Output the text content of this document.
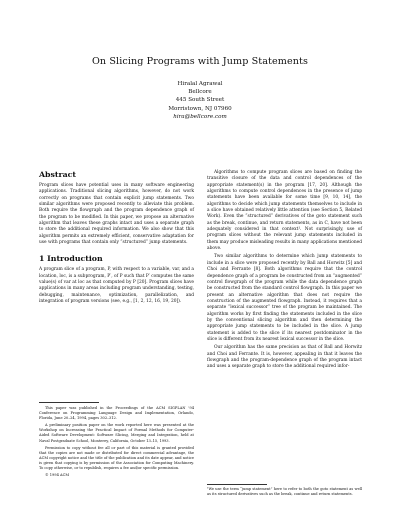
On Slicing Programs with Jump Statements
Hiralal Agrawal
Bellcore
445 South Street
Morristown, NJ 07960
hira@bellcore.com
Abstract

Program slices have potential uses in many software engineering applications. Traditional slicing algorithms, however, do not work correctly on programs that contain explicit jump statements. Two similar algorithms were proposed recently to alleviate this problem. Both require the flowgraph and the program dependence graph of the program to be modified. In this paper, we propose an alternative algorithm that leaves these graphs intact and uses a separate graph to store the additional required information. We also show that this algorithm permits an extremely efficient, conservative adaptation for use with programs that contain only “structured” jump statements.

1 Introduction

A program slice of a program, P, with respect to a variable, var, and a location, loc, is a subprogram, P′, of P such that P′ computes the same value(s) of var at loc as that computed by P [20]. Program slices have applications in many areas including program understanding, testing, debugging, maintenance, optimization, parallelization, and integration of program versions (see, e.g., [1, 2, 12, 16, 19, 20]).

This paper was published in the Proceedings of the ACM SIGPLAN '94 Conference on Programming Language Design and Implementation, Orlando, Florida, June 20–24, 1994, pages 302–312.

A preliminary position paper on the work reported here was presented at the Workshop on Increasing the Practical Impact of Formal Methods for Computer-Aided Software Development: Software Slicing, Merging and Integration, held at Naval Postgraduate School, Monterey, California, October 13–15, 1993.

Permission to copy without fee all or part of this material is granted provided that the copies are not made or distributed for direct commercial advantage, the ACM copyright notice and the title of the publication and its date appear, and notice is given that copying is by permission of the Association for Computing Machinery. To copy otherwise, or to republish, requires a fee and/or specific permission.

© 1994 ACM

Algorithms to compute program slices are based on finding the transitive closure of the data and control dependences of the appropriate statement(s) in the program [17, 20]. Although the algorithms to compute control dependences in the presence of jump statements have been available for some time [9, 10, 14], the algorithms to decide which jump statements themselves to include in a slice have obtained relatively little attention (see Section 5, Related Work). Even the “structured” derivatives of the goto statement such as the break, continue, and return statements, as in C, have not been adequately considered in that context¹. Not surprisingly, use of program slices without the relevant jump statements included in them may produce misleading results in many applications mentioned above.

Two similar algorithms to determine which jump statements to include in a slice were proposed recently by Ball and Horwitz [5] and Choi and Ferrante [8]. Both algorithms require that the control dependence graph of a program be constructed from an “augmented” control flowgraph of the program while the data dependence graph be constructed from the standard control flowgraph. In this paper we present an alternative algorithm that does not require the construction of the augmented flowgraph. Instead, it requires that a separate “lexical successor” tree of the program be maintained. The algorithm works by first finding the statements included in the slice by the conventional slicing algorithm and then determining the appropriate jump statements to be included in the slice. A jump statement is added to the slice if its nearest postdominator in the slice is different from its nearest lexical successor in the slice.

Our algorithm has the same precision as that of Ball and Horwitz and Choi and Ferrante. It is, however, appealing in that it leaves the flowgraph and the program-dependence graph of the program intact and uses a separate graph to store the additional required infor-

¹We use the term “jump statement” here to refer to both the goto statement as well as its structured derivatives such as the break, continue and return statements.
